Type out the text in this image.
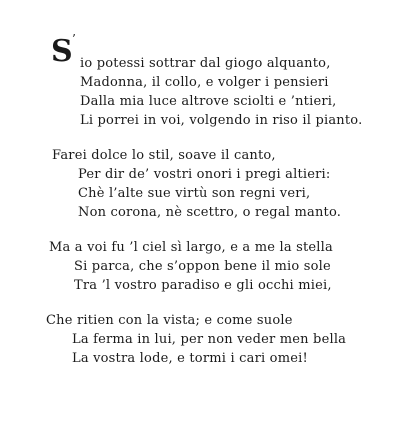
S ’
io potessi sottrar dal giogo alquanto,
Madonna, il collo, e volger i pensieri
Dalla mia luce altrove sciolti e ’ntieri,
Li porrei in voi, volgendo in riso il pianto.
Farei dolce lo stil, soave il canto,
Per dir de’ vostri onori i pregi altieri:
Chè l’alte sue virtù son regni veri,
Non corona, nè scettro, o regal manto.
Ma a voi fu ’l ciel sì largo, e a me la stella
Si parca, che s’oppon bene il mio sole
Tra ’l vostro paradiso e gli occhi miei,
Che ritien con la vista; e come suole
La ferma in lui, per non veder men bella
La vostra lode, e tormi i cari omei!
